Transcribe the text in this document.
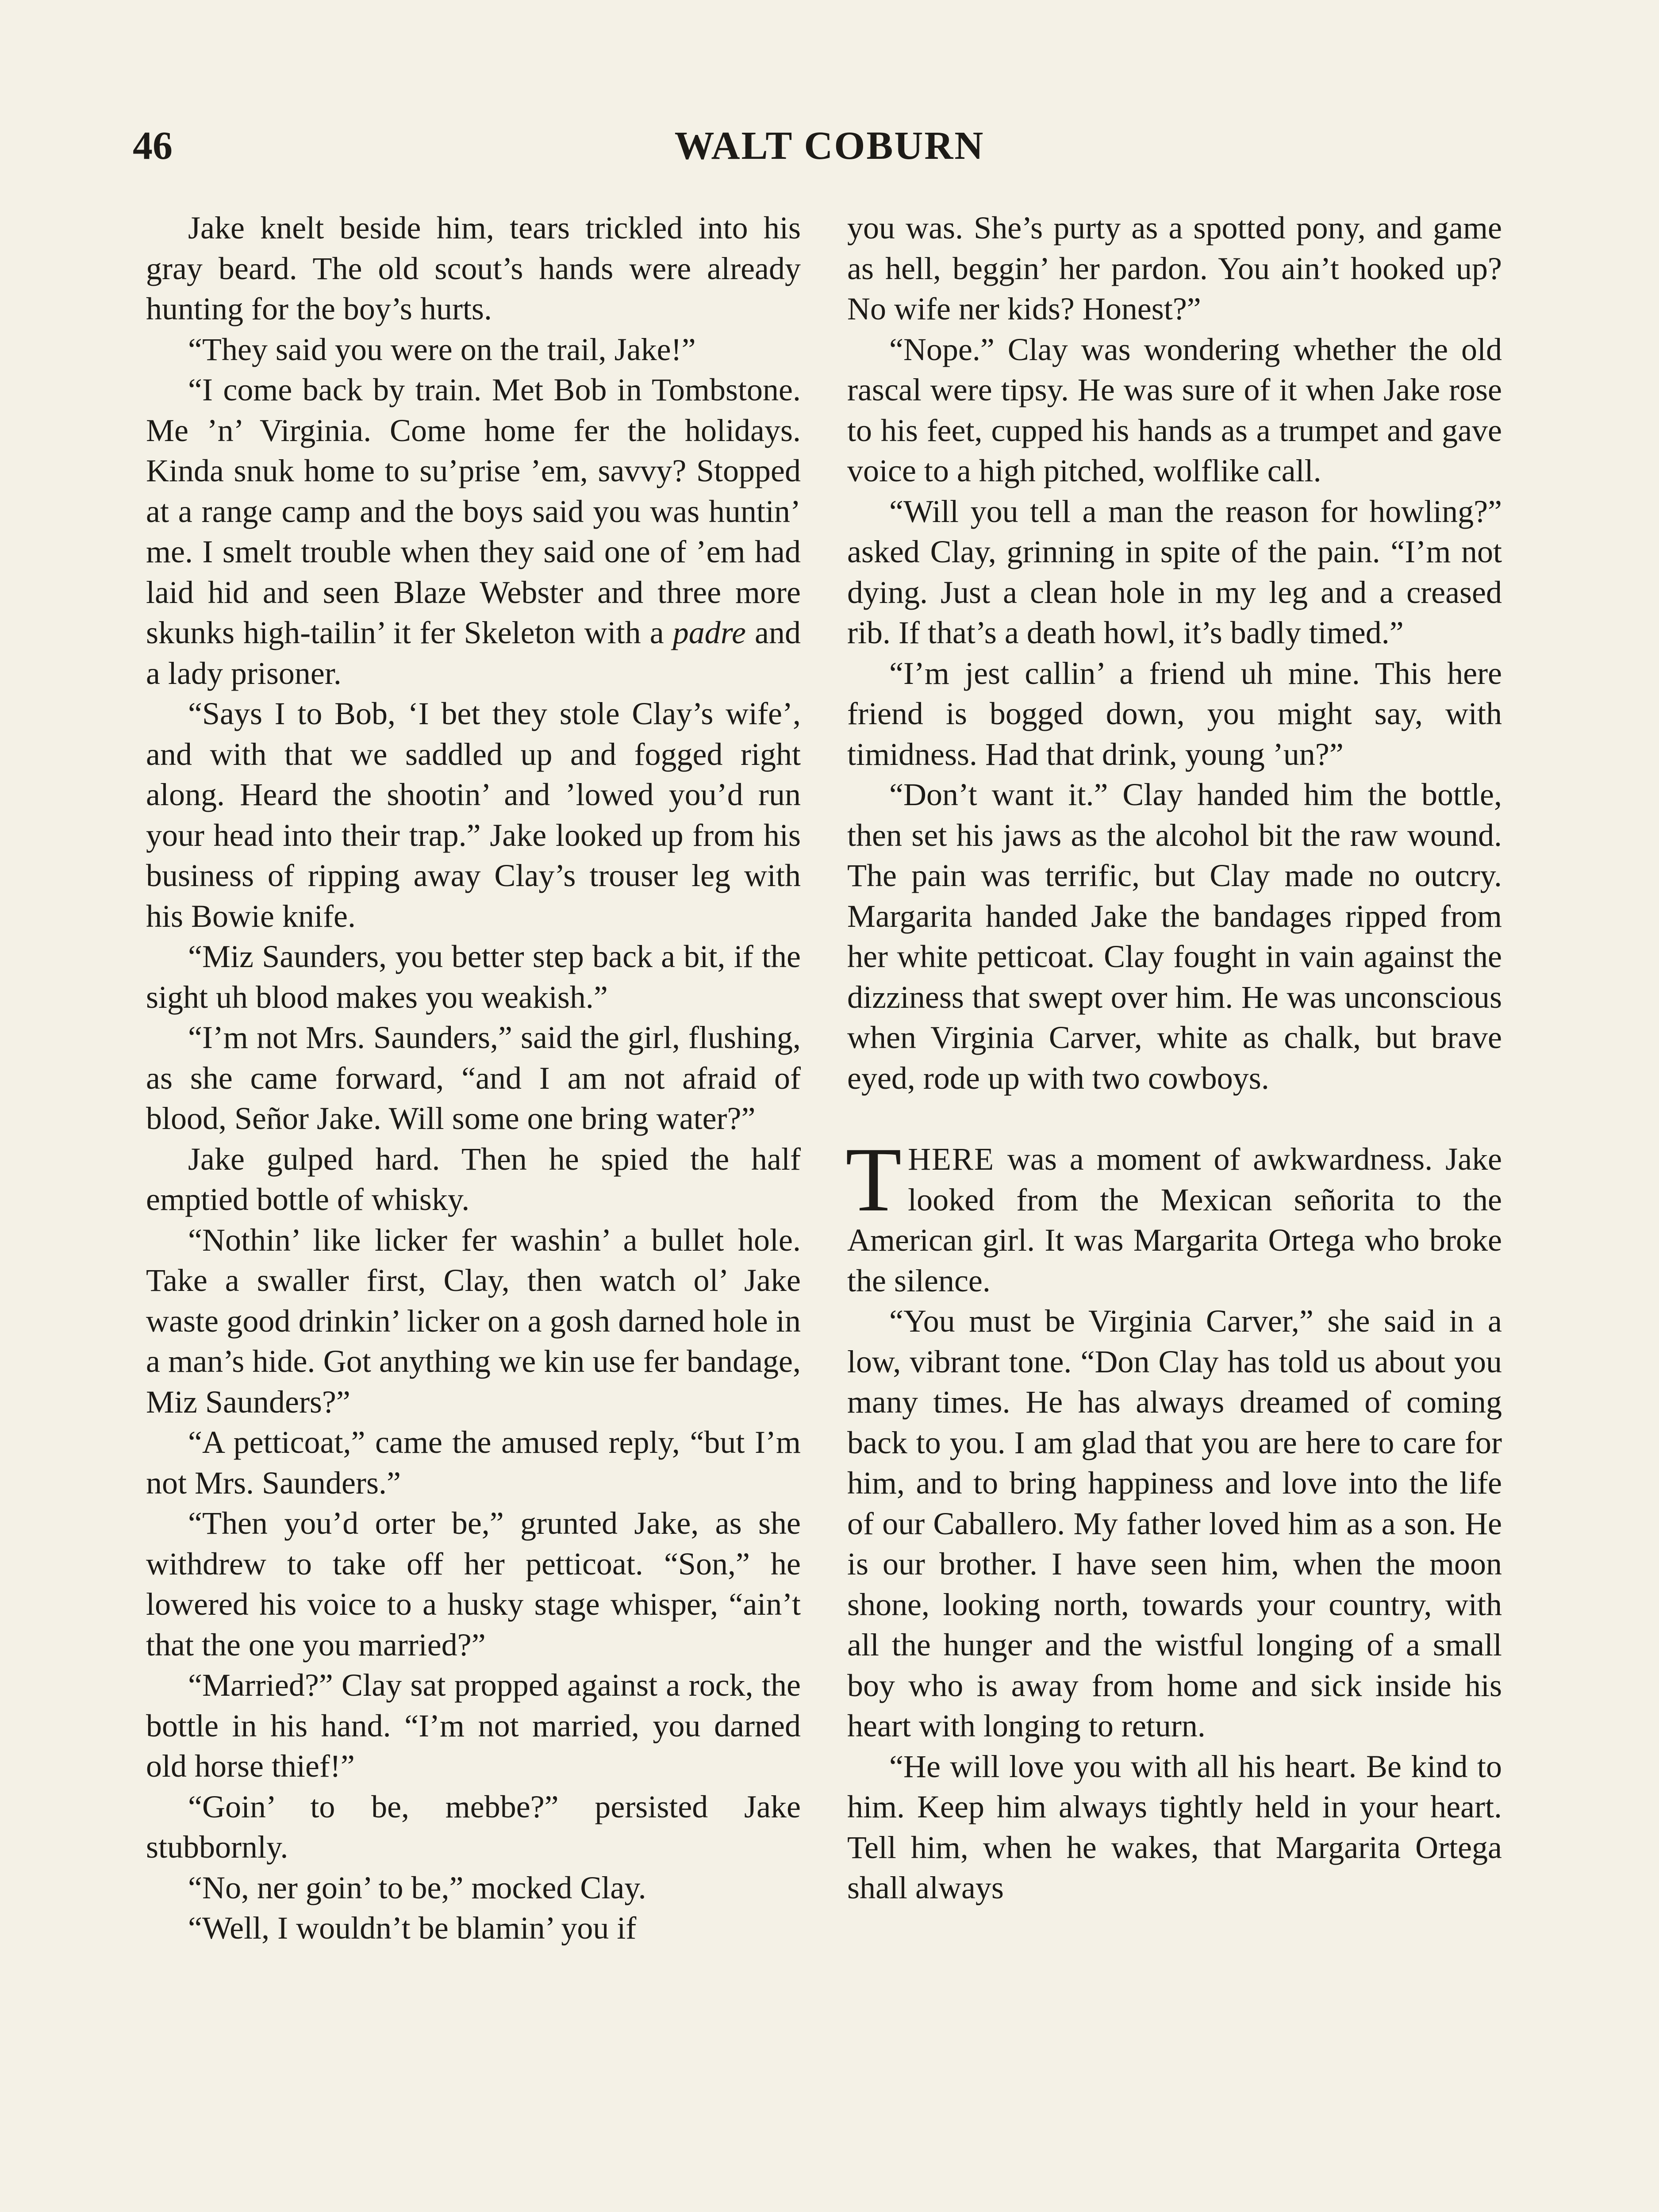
46	WALT COBURN

Jake knelt beside him, tears trickled into his gray beard. The old scout’s hands were already hunting for the boy’s hurts.

“They said you were on the trail, Jake!”

“I come back by train. Met Bob in Tombstone. Me ’n’ Virginia. Come home fer the holidays. Kinda snuk home to su’prise ’em, savvy? Stopped at a range camp and the boys said you was huntin’ me. I smelt trouble when they said one of ’em had laid hid and seen Blaze Webster and three more skunks high-tailin’ it fer Skeleton with a padre and a lady prisoner.

“Says I to Bob, ‘I bet they stole Clay’s wife’, and with that we saddled up and fogged right along. Heard the shootin’ and ’lowed you’d run your head into their trap.” Jake looked up from his business of ripping away Clay’s trouser leg with his Bowie knife.

“Miz Saunders, you better step back a bit, if the sight uh blood makes you weakish.”

“I’m not Mrs. Saunders,” said the girl, flushing, as she came forward, “and I am not afraid of blood, Señor Jake. Will some one bring water?”

Jake gulped hard. Then he spied the half emptied bottle of whisky.

“Nothin’ like licker fer washin’ a bullet hole. Take a swaller first, Clay, then watch ol’ Jake waste good drinkin’ licker on a gosh darned hole in a man’s hide. Got anything we kin use fer bandage, Miz Saunders?”

“A petticoat,” came the amused reply, “but I’m not Mrs. Saunders.”

“Then you’d orter be,” grunted Jake, as she withdrew to take off her petticoat. “Son,” he lowered his voice to a husky stage whisper, “ain’t that the one you married?”

“Married?” Clay sat propped against a rock, the bottle in his hand. “I’m not married, you darned old horse thief!”

“Goin’ to be, mebbe?” persisted Jake stubbornly.

“No, ner goin’ to be,” mocked Clay.

“Well, I wouldn’t be blamin’ you if

you was. She’s purty as a spotted pony, and game as hell, beggin’ her pardon. You ain’t hooked up? No wife ner kids? Honest?”

“Nope.” Clay was wondering whether the old rascal were tipsy. He was sure of it when Jake rose to his feet, cupped his hands as a trumpet and gave voice to a high pitched, wolflike call.

“Will you tell a man the reason for howling?” asked Clay, grinning in spite of the pain. “I’m not dying. Just a clean hole in my leg and a creased rib. If that’s a death howl, it’s badly timed.”

“I’m jest callin’ a friend uh mine. This here friend is bogged down, you might say, with timidness. Had that drink, young ’un?”

“Don’t want it.” Clay handed him the bottle, then set his jaws as the alcohol bit the raw wound. The pain was terrific, but Clay made no outcry. Margarita handed Jake the bandages ripped from her white petticoat. Clay fought in vain against the dizziness that swept over him. He was unconscious when Virginia Carver, white as chalk, but brave eyed, rode up with two cowboys.

THERE was a moment of awkwardness. Jake looked from the Mexican señorita to the American girl. It was Margarita Ortega who broke the silence.

“You must be Virginia Carver,” she said in a low, vibrant tone. “Don Clay has told us about you many times. He has always dreamed of coming back to you. I am glad that you are here to care for him, and to bring happiness and love into the life of our Caballero. My father loved him as a son. He is our brother. I have seen him, when the moon shone, looking north, towards your country, with all the hunger and the wistful longing of a small boy who is away from home and sick inside his heart with longing to return.

“He will love you with all his heart. Be kind to him. Keep him always tightly held in your heart. Tell him, when he wakes, that Margarita Ortega shall always
